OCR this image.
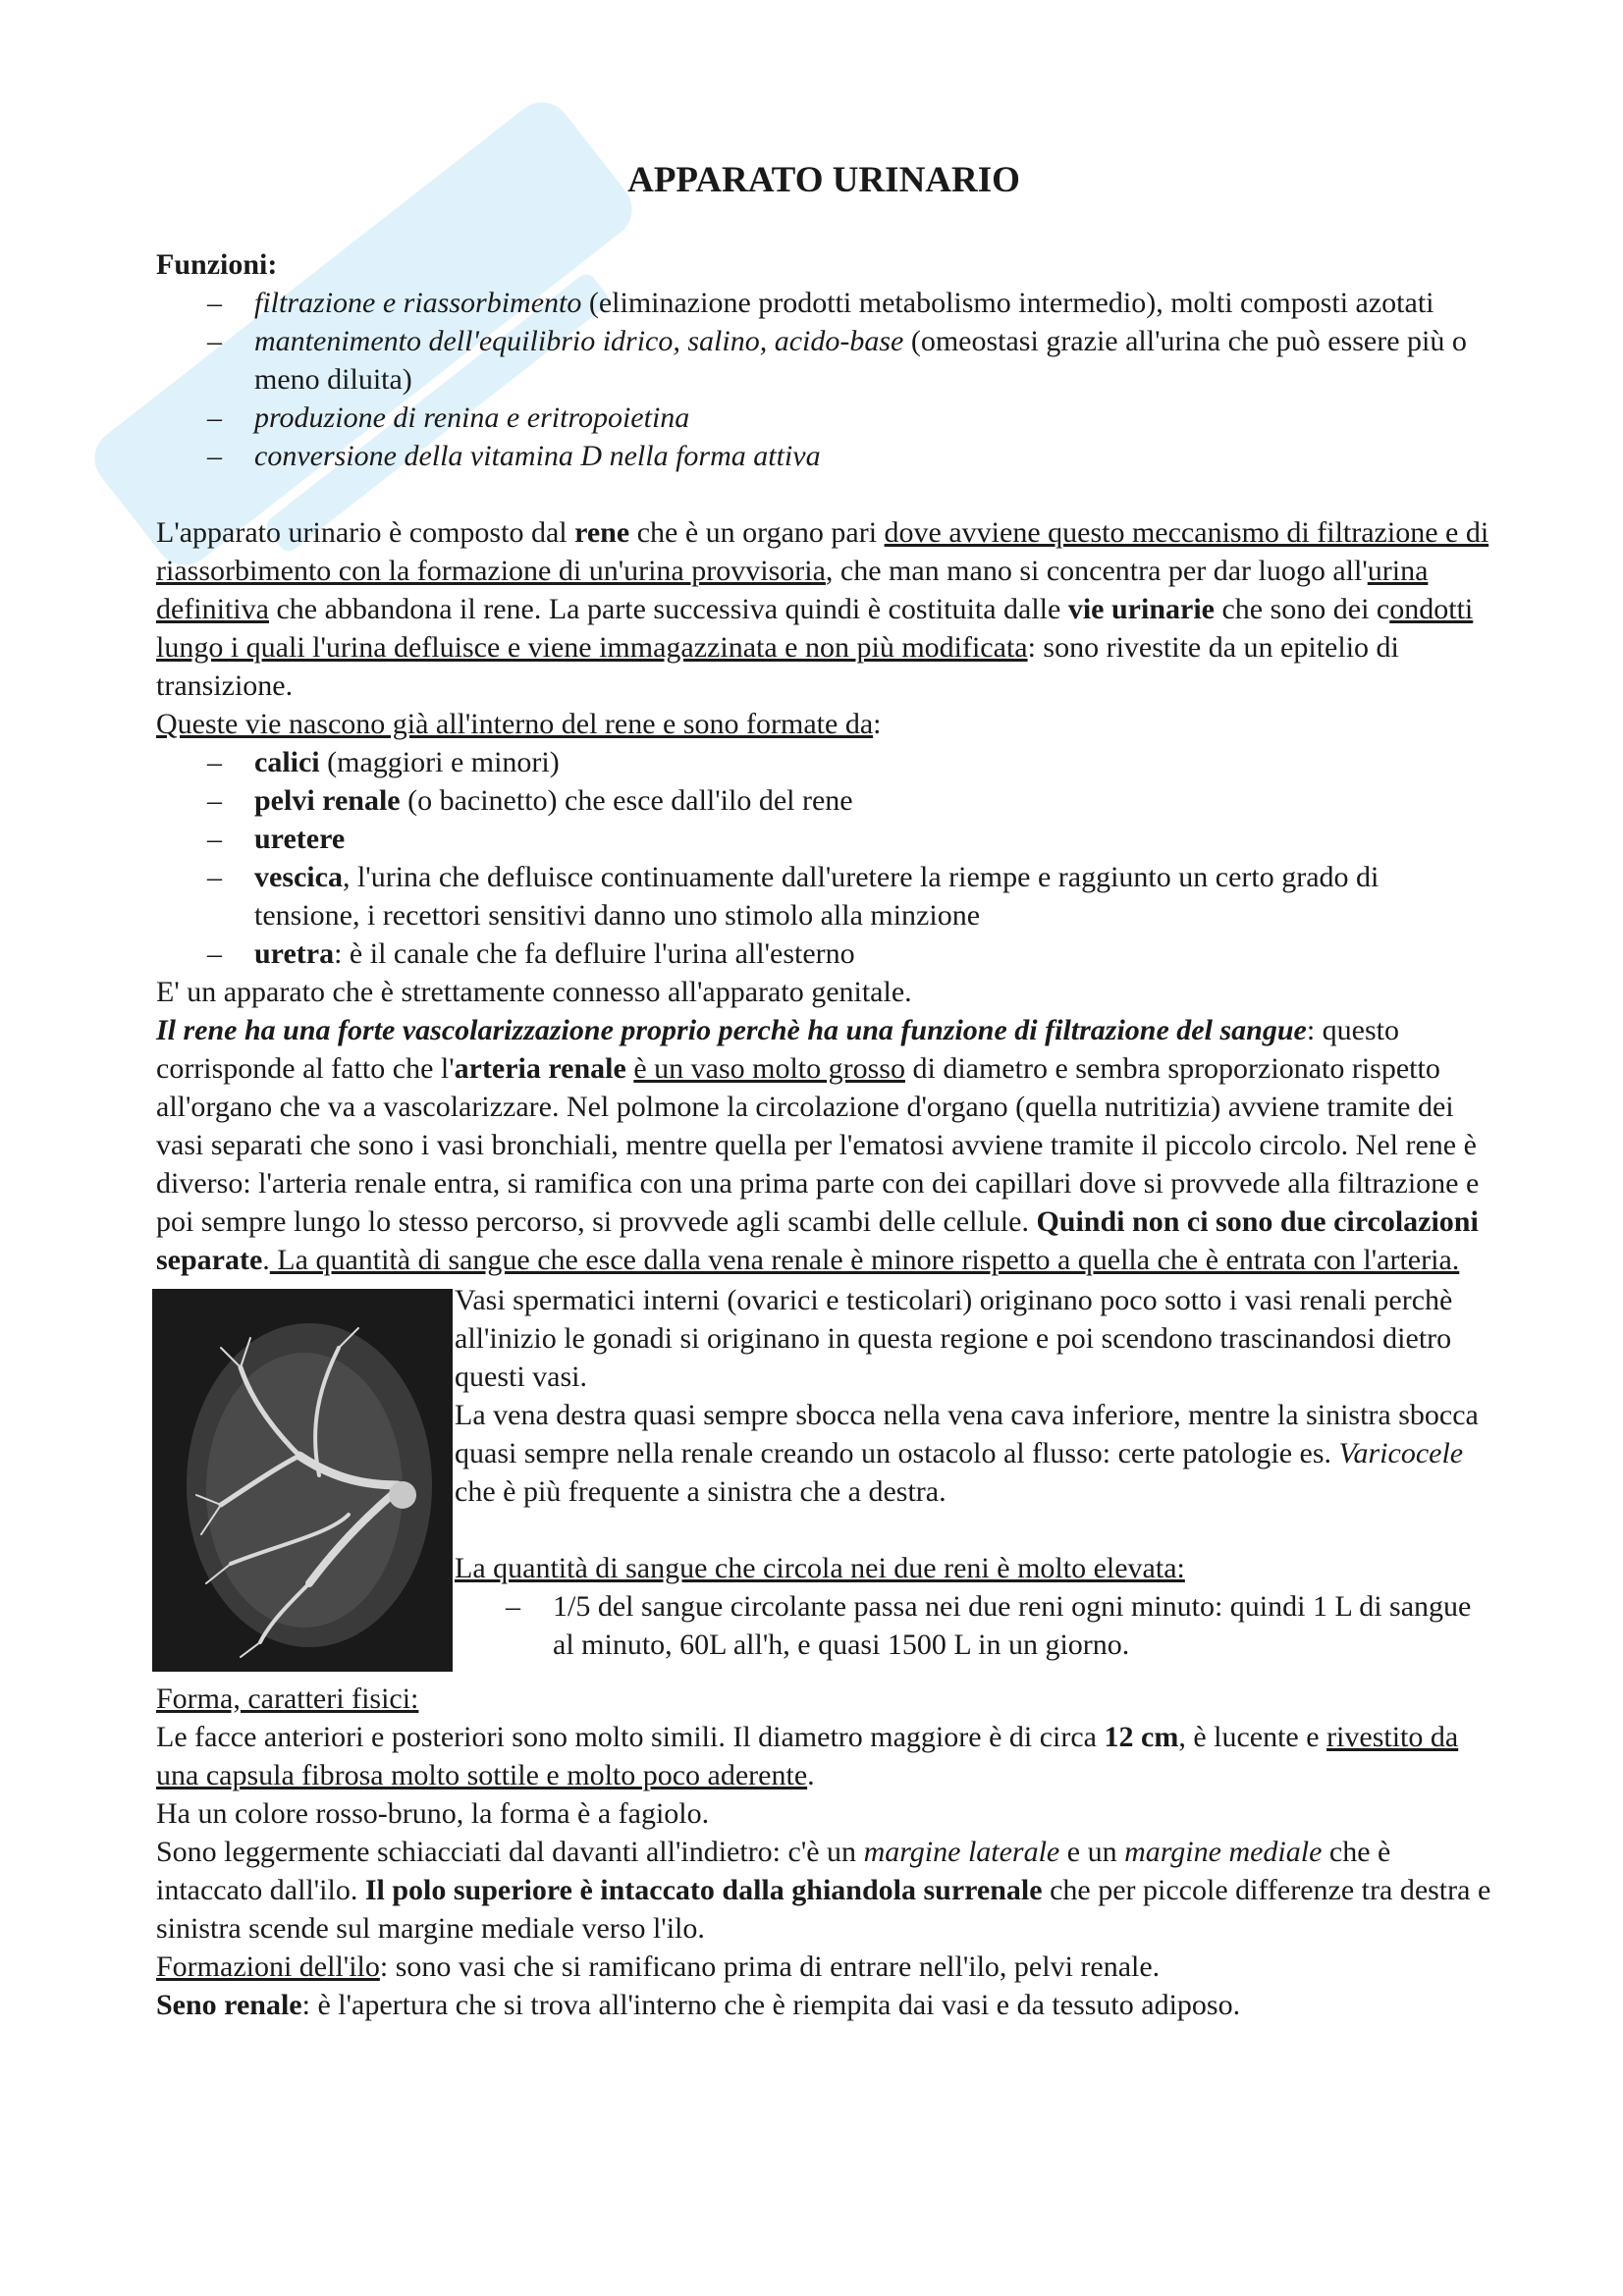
APPARATO URINARIO

Funzioni:

– filtrazione e riassorbimento (eliminazione prodotti metabolismo intermedio), molti composti azotati
– mantenimento dell'equilibrio idrico, salino, acido-base (omeostasi grazie all'urina che può essere più o meno diluita)
– produzione di renina e eritropoietina
– conversione della vitamina D nella forma attiva

L'apparato urinario è composto dal rene che è un organo pari dove avviene questo meccanismo di filtrazione e di riassorbimento con la formazione di un'urina provvisoria, che man mano si concentra per dar luogo all'urina definitiva che abbandona il rene. La parte successiva quindi è costituita dalle vie urinarie che sono dei condotti lungo i quali l'urina defluisce e viene immagazzinata e non più modificata: sono rivestite da un epitelio di transizione.

Queste vie nascono già all'interno del rene e sono formate da:

– calici (maggiori e minori)
– pelvi renale (o bacinetto) che esce dall'ilo del rene
– uretere
– vescica, l'urina che defluisce continuamente dall'uretere la riempe e raggiunto un certo grado di tensione, i recettori sensitivi danno uno stimolo alla minzione
– uretra: è il canale che fa defluire l'urina all'esterno

E' un apparato che è strettamente connesso all'apparato genitale.

Il rene ha una forte vascolarizzazione proprio perchè ha una funzione di filtrazione del sangue: questo corrisponde al fatto che l'arteria renale è un vaso molto grosso di diametro e sembra sproporzionato rispetto all'organo che va a vascolarizzare. Nel polmone la circolazione d'organo (quella nutritizia) avviene tramite dei vasi separati che sono i vasi bronchiali, mentre quella per l'ematosi avviene tramite il piccolo circolo. Nel rene è diverso: l'arteria renale entra, si ramifica con una prima parte con dei capillari dove si provvede alla filtrazione e poi sempre lungo lo stesso percorso, si provvede agli scambi delle cellule. Quindi non ci sono due circolazioni separate. La quantità di sangue che esce dalla vena renale è minore rispetto a quella che è entrata con l'arteria.

Vasi spermatici interni (ovarici e testicolari) originano poco sotto i vasi renali perchè all'inizio le gonadi si originano in questa regione e poi scendono trascinandosi dietro questi vasi.

La vena destra quasi sempre sbocca nella vena cava inferiore, mentre la sinistra sbocca quasi sempre nella renale creando un ostacolo al flusso: certe patologie es. Varicocele che è più frequente a sinistra che a destra.

La quantità di sangue che circola nei due reni è molto elevata:

– 1/5 del sangue circolante passa nei due reni ogni minuto: quindi 1 L di sangue al minuto, 60L all'h, e quasi 1500 L in un giorno.

Forma, caratteri fisici:

Le facce anteriori e posteriori sono molto simili. Il diametro maggiore è di circa 12 cm, è lucente e rivestito da una capsula fibrosa molto sottile e molto poco aderente.

Ha un colore rosso-bruno, la forma è a fagiolo.

Sono leggermente schiacciati dal davanti all'indietro: c'è un margine laterale e un margine mediale che è intaccato dall'ilo. Il polo superiore è intaccato dalla ghiandola surrenale che per piccole differenze tra destra e sinistra scende sul margine mediale verso l'ilo.

Formazioni dell'ilo: sono vasi che si ramificano prima di entrare nell'ilo, pelvi renale.

Seno renale: è l'apertura che si trova all'interno che è riempita dai vasi e da tessuto adiposo.
